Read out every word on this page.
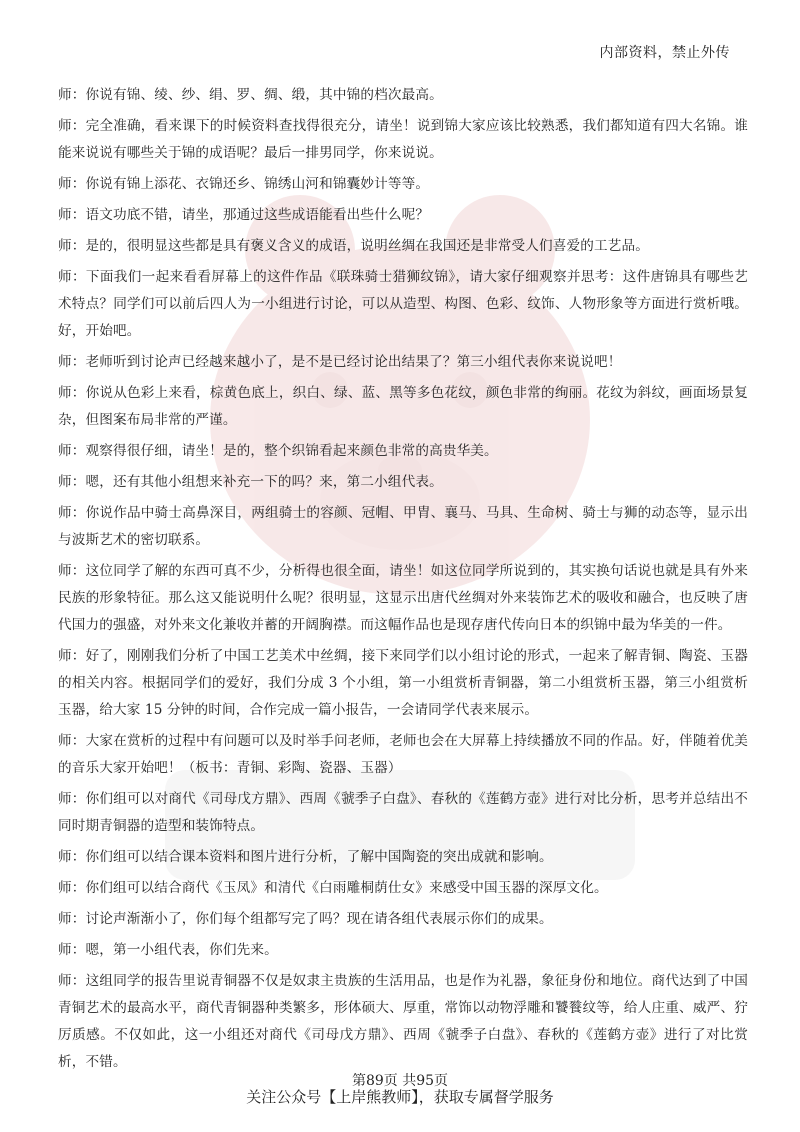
内部资料，禁止外传

师：你说有锦、绫、纱、绢、罗、绸、缎，其中锦的档次最高。

师：完全准确，看来课下的时候资料查找得很充分，请坐！说到锦大家应该比较熟悉，我们都知道有四大名锦。谁能来说说有哪些关于锦的成语呢？最后一排男同学，你来说说。

师：你说有锦上添花、衣锦还乡、锦绣山河和锦囊妙计等等。

师：语文功底不错，请坐，那通过这些成语能看出些什么呢？

师：是的，很明显这些都是具有褒义含义的成语，说明丝绸在我国还是非常受人们喜爱的工艺品。

师：下面我们一起来看看屏幕上的这件作品《联珠骑士猎狮纹锦》，请大家仔细观察并思考：这件唐锦具有哪些艺术特点？同学们可以前后四人为一小组进行讨论，可以从造型、构图、色彩、纹饰、人物形象等方面进行赏析哦。好，开始吧。

师：老师听到讨论声已经越来越小了，是不是已经讨论出结果了？第三小组代表你来说说吧！

师：你说从色彩上来看，棕黄色底上，织白、绿、蓝、黑等多色花纹，颜色非常的绚丽。花纹为斜纹，画面场景复杂，但图案布局非常的严谨。

师：观察得很仔细，请坐！是的，整个织锦看起来颜色非常的高贵华美。

师：嗯，还有其他小组想来补充一下的吗？来，第二小组代表。

师：你说作品中骑士高鼻深目，两组骑士的容颜、冠帽、甲胄、襄马、马具、生命树、骑士与狮的动态等，显示出与波斯艺术的密切联系。

师：这位同学了解的东西可真不少，分析得也很全面，请坐！如这位同学所说到的，其实换句话说也就是具有外来民族的形象特征。那么这又能说明什么呢？很明显，这显示出唐代丝绸对外来装饰艺术的吸收和融合，也反映了唐代国力的强盛，对外来文化兼收并蓄的开阔胸襟。而这幅作品也是现存唐代传向日本的织锦中最为华美的一件。

师：好了，刚刚我们分析了中国工艺美术中丝绸，接下来同学们以小组讨论的形式，一起来了解青铜、陶瓷、玉器的相关内容。根据同学们的爱好，我们分成 3 个小组，第一小组赏析青铜器，第二小组赏析玉器，第三小组赏析玉器，给大家 15 分钟的时间，合作完成一篇小报告，一会请同学代表来展示。

师：大家在赏析的过程中有问题可以及时举手问老师，老师也会在大屏幕上持续播放不同的作品。好，伴随着优美的音乐大家开始吧！（板书：青铜、彩陶、瓷器、玉器）

师：你们组可以对商代《司母戊方鼎》、西周《虢季子白盘》、春秋的《莲鹤方壶》进行对比分析，思考并总结出不同时期青铜器的造型和装饰特点。

师：你们组可以结合课本资料和图片进行分析，了解中国陶瓷的突出成就和影响。

师：你们组可以结合商代《玉凤》和清代《白雨雕桐荫仕女》来感受中国玉器的深厚文化。

师：讨论声渐渐小了，你们每个组都写完了吗？现在请各组代表展示你们的成果。

师：嗯，第一小组代表，你们先来。

师：这组同学的报告里说青铜器不仅是奴隶主贵族的生活用品，也是作为礼器，象征身份和地位。商代达到了中国青铜艺术的最高水平，商代青铜器种类繁多，形体硕大、厚重，常饰以动物浮雕和饕餮纹等，给人庄重、威严、狞厉质感。不仅如此，这一小组还对商代《司母戊方鼎》、西周《虢季子白盘》、春秋的《莲鹤方壶》进行了对比赏析，不错。

第89页 共95页
关注公众号【上岸熊教师】，获取专属督学服务
